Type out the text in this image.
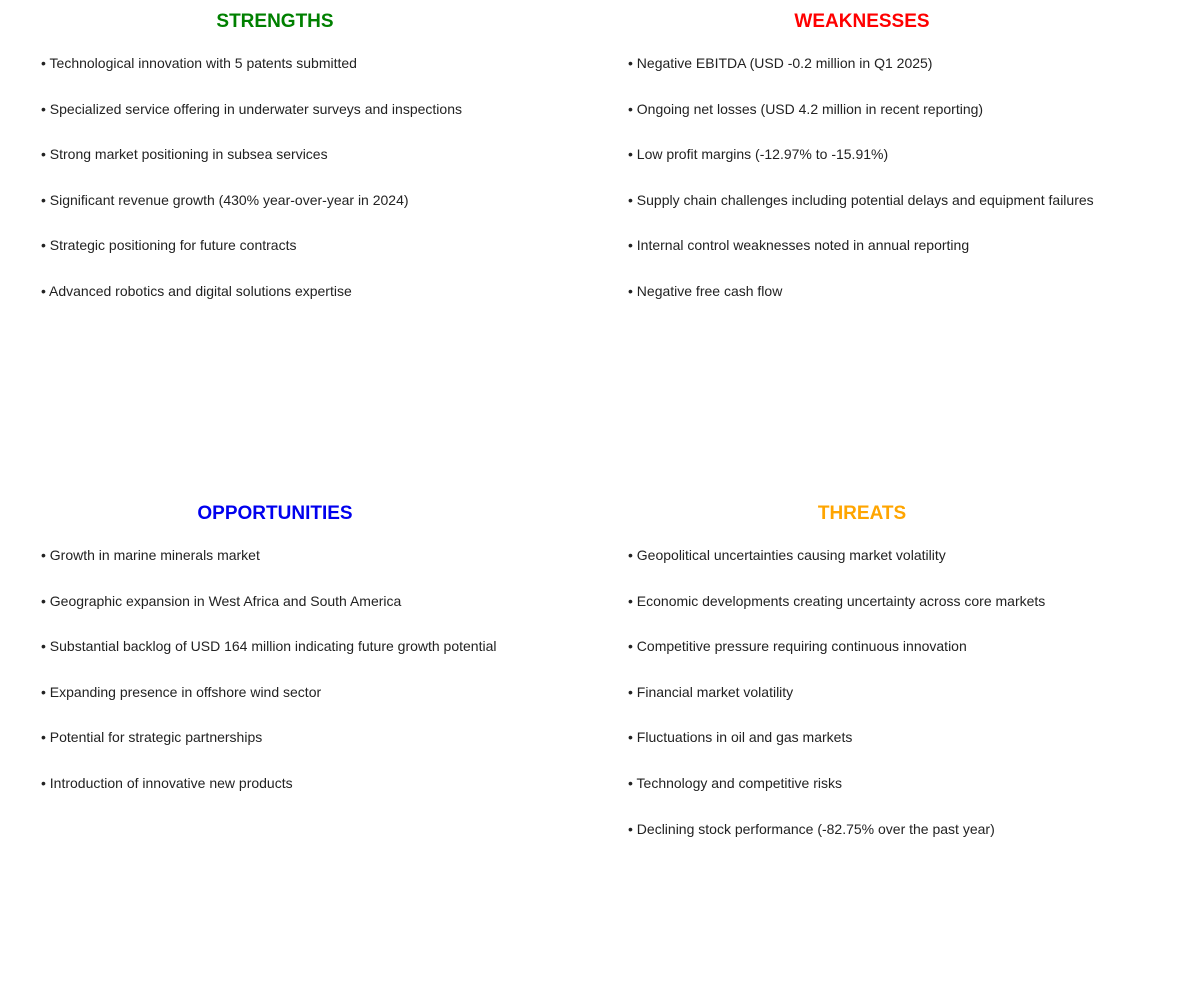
STRENGTHS
• Technological innovation with 5 patents submitted
• Specialized service offering in underwater surveys and inspections
• Strong market positioning in subsea services
• Significant revenue growth (430% year-over-year in 2024)
• Strategic positioning for future contracts
• Advanced robotics and digital solutions expertise
WEAKNESSES
• Negative EBITDA (USD -0.2 million in Q1 2025)
• Ongoing net losses (USD 4.2 million in recent reporting)
• Low profit margins (-12.97% to -15.91%)
• Supply chain challenges including potential delays and equipment failures
• Internal control weaknesses noted in annual reporting
• Negative free cash flow
OPPORTUNITIES
• Growth in marine minerals market
• Geographic expansion in West Africa and South America
• Substantial backlog of USD 164 million indicating future growth potential
• Expanding presence in offshore wind sector
• Potential for strategic partnerships
• Introduction of innovative new products
THREATS
• Geopolitical uncertainties causing market volatility
• Economic developments creating uncertainty across core markets
• Competitive pressure requiring continuous innovation
• Financial market volatility
• Fluctuations in oil and gas markets
• Technology and competitive risks
• Declining stock performance (-82.75% over the past year)
